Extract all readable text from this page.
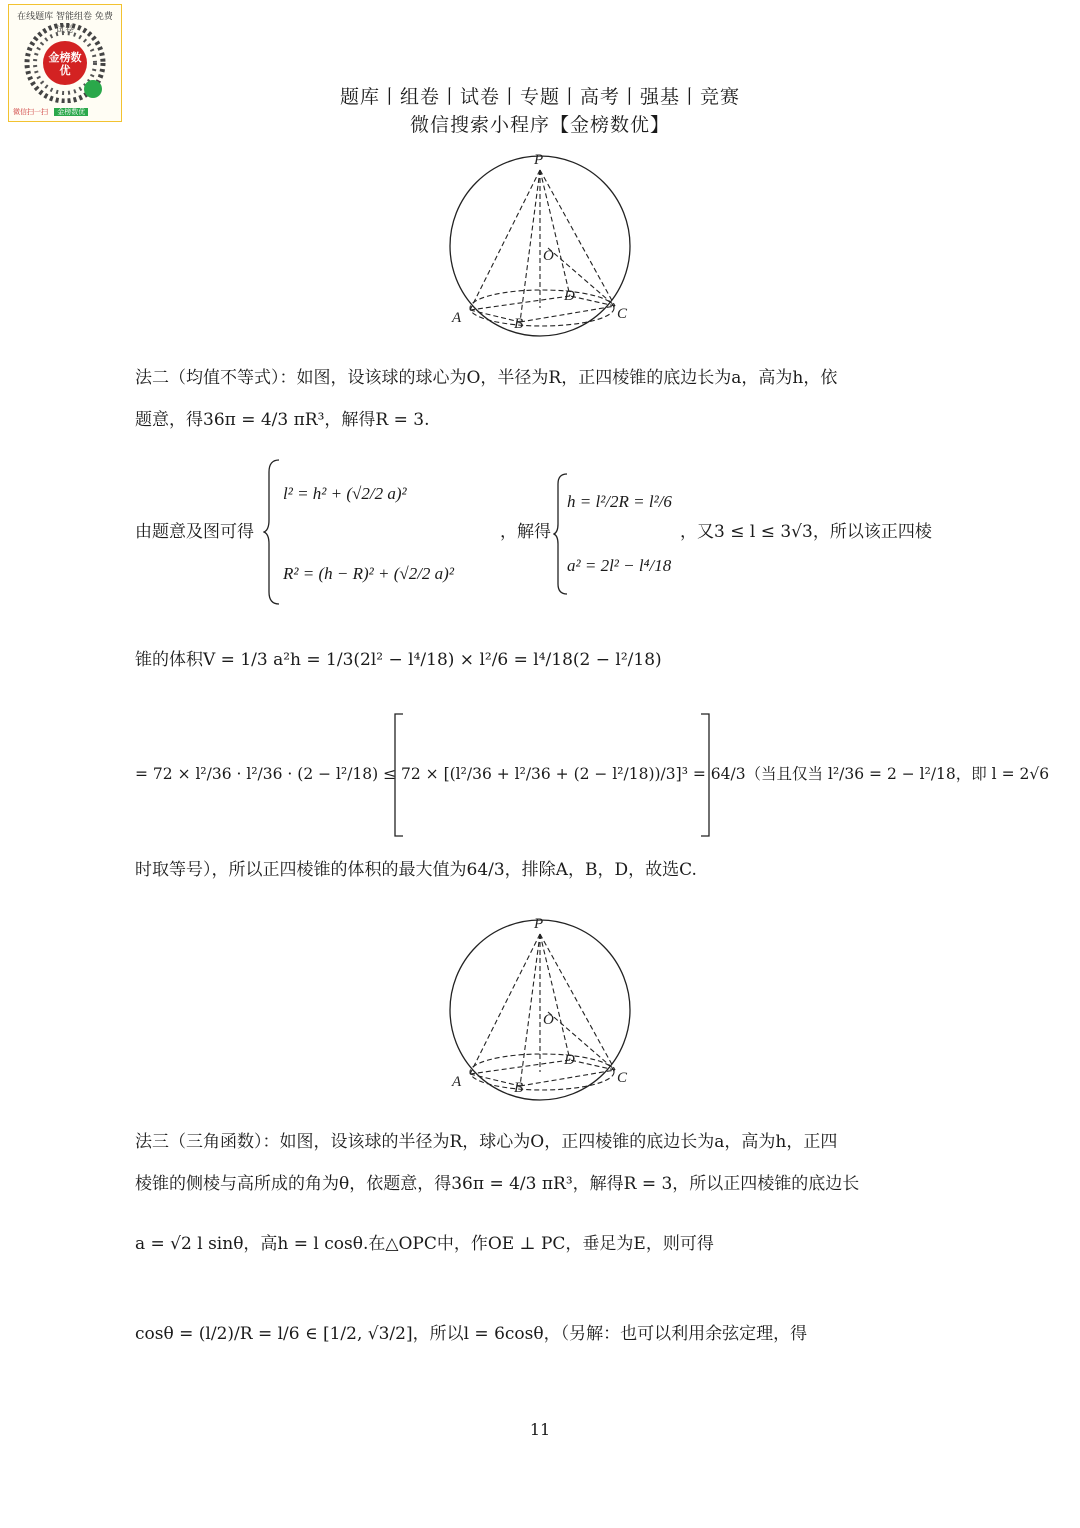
在线题库 智能组卷 免费试卷
金榜数优
微信扫一扫 金榜数优
题库丨组卷丨试卷丨专题丨高考丨强基丨竞赛
微信搜索小程序【金榜数优】
P
O
D
A	B
C
法二（均值不等式）：如图，设该球的球心为O，半径为R，正四棱锥的底边长为a，高为h，依
题意，得36π = 4/3 πR³，解得R = 3.
由题意及图可得
l² = h² + (√2/2 a)²
R² = (h − R)² + (√2/2 a)²
，解得
h = l²/2R = l²/6
a² = 2l² − l⁴/18
，又3 ≤ l ≤ 3√3，所以该正四棱
锥的体积V = 1/3 a²h = 1/3(2l² − l⁴/18) × l²/6 = l⁴/18(2 − l²/18)
= 72 × l²/36 · l²/36 · (2 − l²/18) ≤ 72 × [(l²/36 + l²/36 + (2 − l²/18))/3]³ = 64/3（当且仅当 l²/36 = 2 − l²/18，即 l = 2√6
时取等号），所以正四棱锥的体积的最大值为64/3，排除A，B，D，故选C.
P
O
D
A	B
C
法三（三角函数）：如图，设该球的半径为R，球心为O，正四棱锥的底边长为a，高为h，正四
棱锥的侧棱与高所成的角为θ，依题意，得36π = 4/3 πR³，解得R = 3，所以正四棱锥的底边长
a = √2 l sinθ，高h = l cosθ.在△OPC中，作OE ⊥ PC，垂足为E，则可得
cosθ = (l/2)/R = l/6 ∈ [1/2, √3/2]，所以l = 6cosθ，（另解：也可以利用余弦定理，得
11
